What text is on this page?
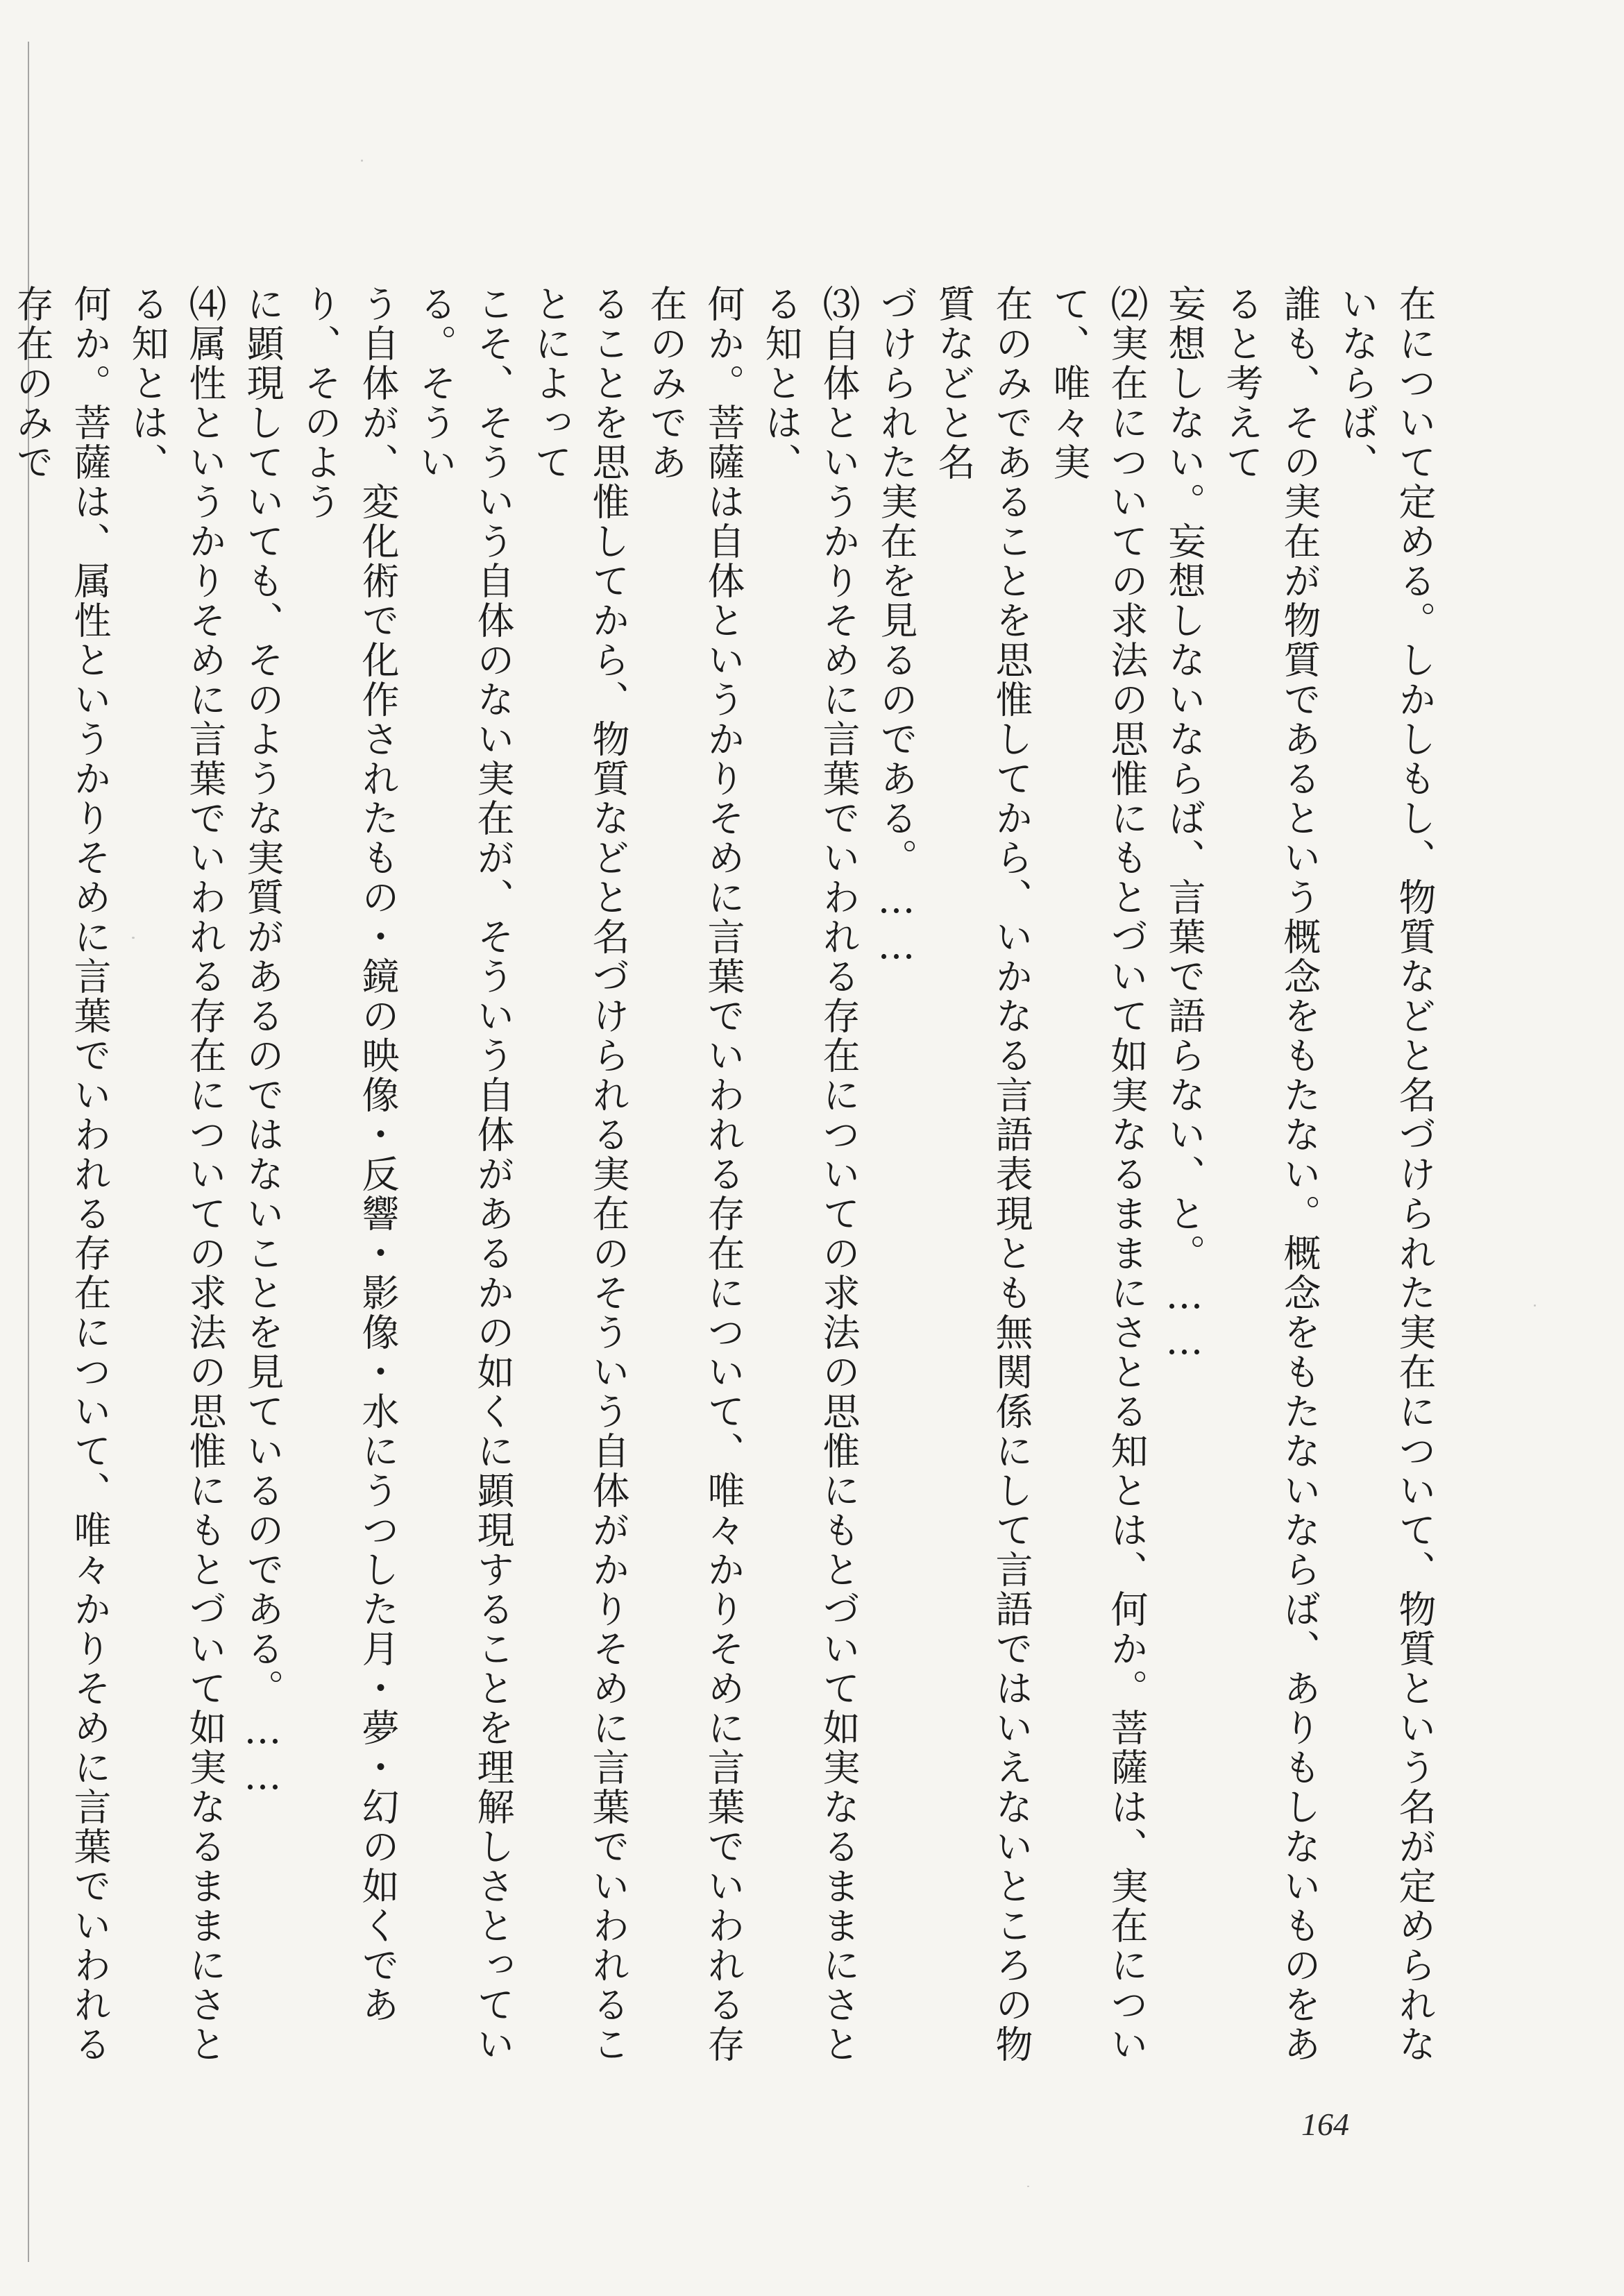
在について定める。しかしもし、物質などと名づけられた実在について、物質という名が定められないならば、

誰も、その実在が物質であるという概念をもたない。概念をもたないならば、ありもしないものをあると考えて

妄想しない。妄想しないならば、言葉で語らない、と。……

⑵実在についての求法の思惟にもとづいて如実なるままにさとる知とは、何か。菩薩は、実在について、唯々実

在のみであることを思惟してから、いかなる言語表現とも無関係にして言語ではいえないところの物質などと名

づけられた実在を見るのである。……

⑶自体というかりそめに言葉でいわれる存在についての求法の思惟にもとづいて如実なるままにさとる知とは、

何か。菩薩は自体というかりそめに言葉でいわれる存在について、唯々かりそめに言葉でいわれる存在のみであ

ることを思惟してから、物質などと名づけられる実在のそういう自体がかりそめに言葉でいわれることによって

こそ、そういう自体のない実在が、そういう自体があるかの如くに顕現することを理解しさとっている。そうい

う自体が、変化術で化作されたもの・鏡の映像・反響・影像・水にうつした月・夢・幻の如くであり、そのよう

に顕現していても、そのような実質があるのではないことを見ているのである。……

⑷属性というかりそめに言葉でいわれる存在についての求法の思惟にもとづいて如実なるままにさとる知とは、

何か。菩薩は、属性というかりそめに言葉でいわれる存在について、唯々かりそめに言葉でいわれる存在のみで

164
